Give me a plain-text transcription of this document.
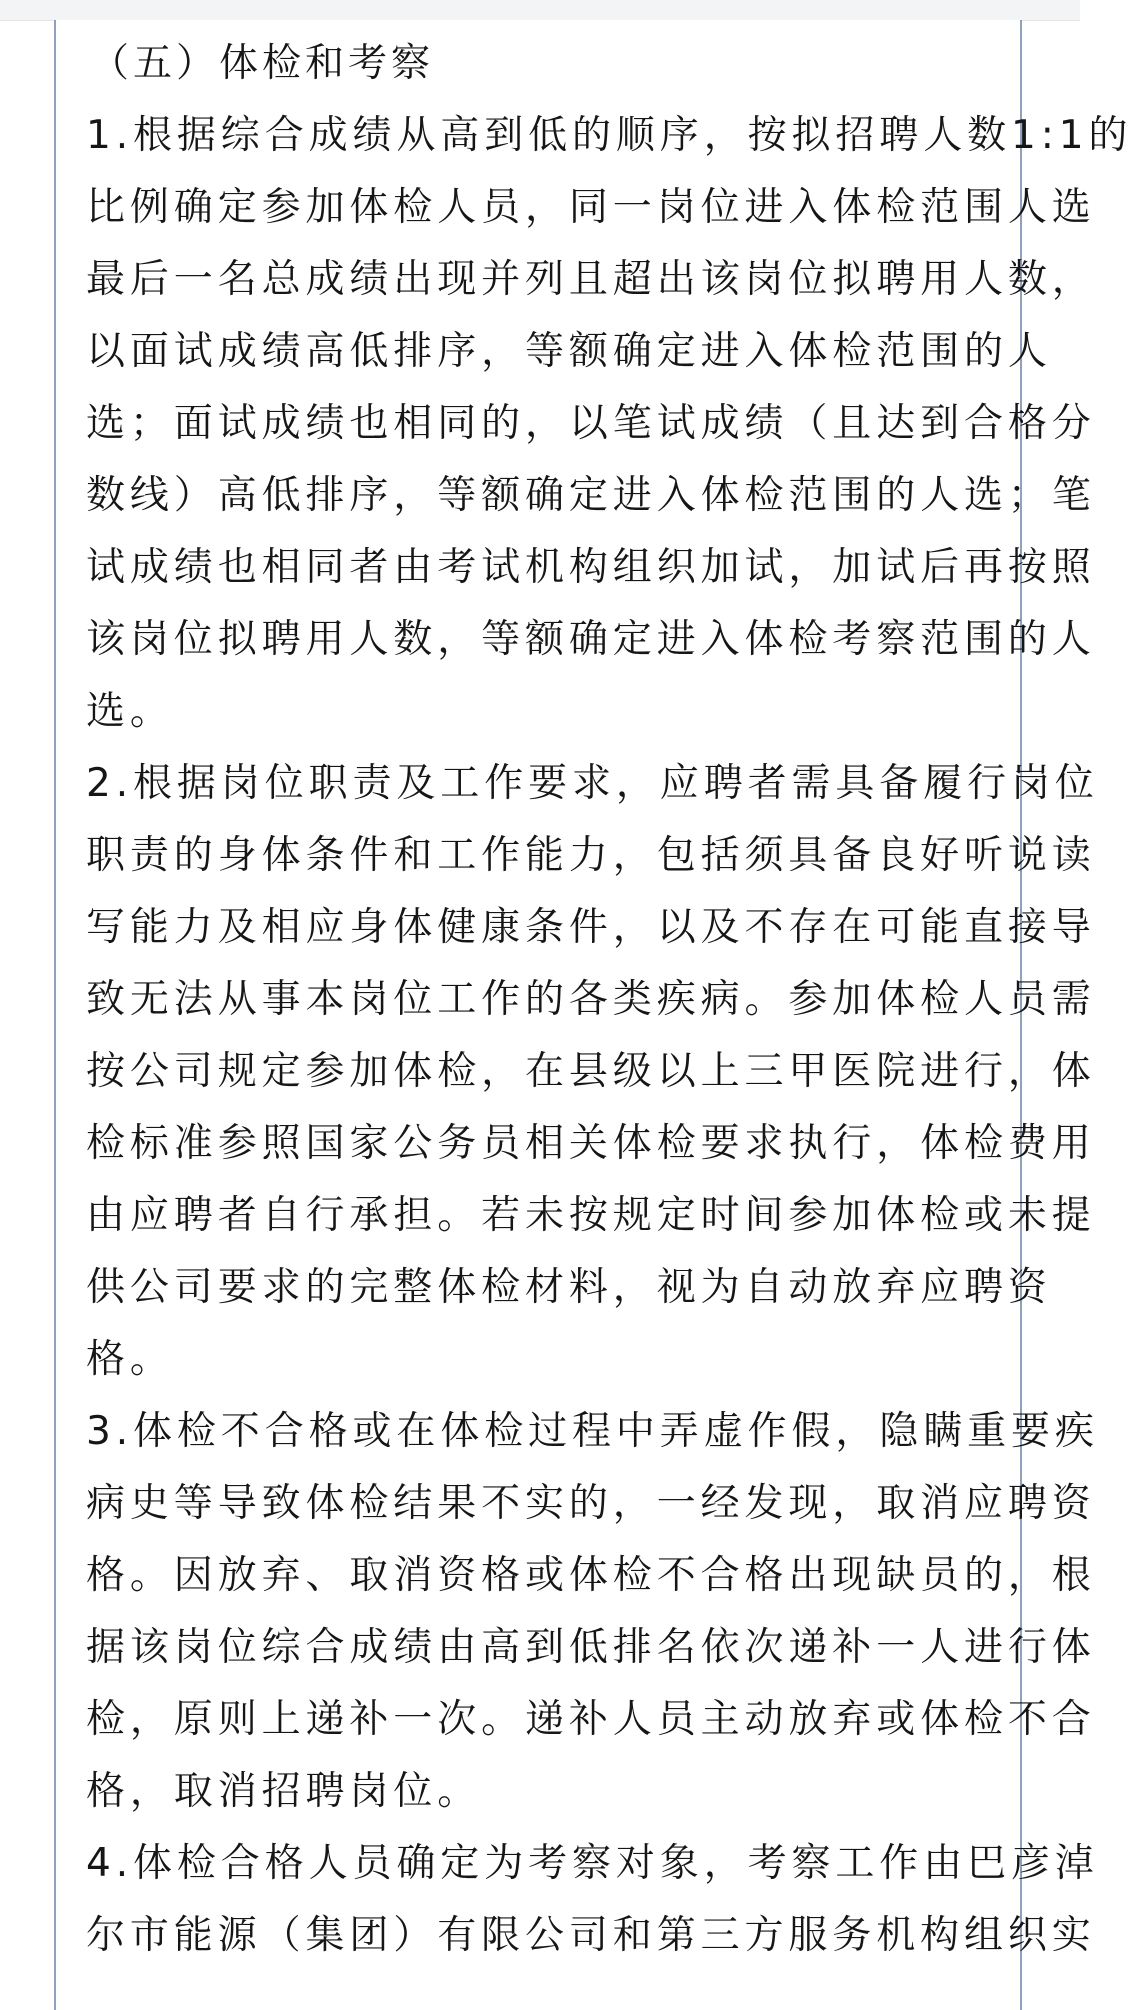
（五）体检和考察
1.根据综合成绩从高到低的顺序，按拟招聘人数1:1的
比例确定参加体检人员，同一岗位进入体检范围人选
最后一名总成绩出现并列且超出该岗位拟聘用人数，
以面试成绩高低排序，等额确定进入体检范围的人
选；面试成绩也相同的，以笔试成绩（且达到合格分
数线）高低排序，等额确定进入体检范围的人选；笔
试成绩也相同者由考试机构组织加试，加试后再按照
该岗位拟聘用人数，等额确定进入体检考察范围的人
选。
2.根据岗位职责及工作要求，应聘者需具备履行岗位
职责的身体条件和工作能力，包括须具备良好听说读
写能力及相应身体健康条件，以及不存在可能直接导
致无法从事本岗位工作的各类疾病。参加体检人员需
按公司规定参加体检，在县级以上三甲医院进行，体
检标准参照国家公务员相关体检要求执行，体检费用
由应聘者自行承担。若未按规定时间参加体检或未提
供公司要求的完整体检材料，视为自动放弃应聘资
格。
3.体检不合格或在体检过程中弄虚作假，隐瞒重要疾
病史等导致体检结果不实的，一经发现，取消应聘资
格。因放弃、取消资格或体检不合格出现缺员的，根
据该岗位综合成绩由高到低排名依次递补一人进行体
检，原则上递补一次。递补人员主动放弃或体检不合
格，取消招聘岗位。
4.体检合格人员确定为考察对象，考察工作由巴彦淖
尔市能源（集团）有限公司和第三方服务机构组织实
